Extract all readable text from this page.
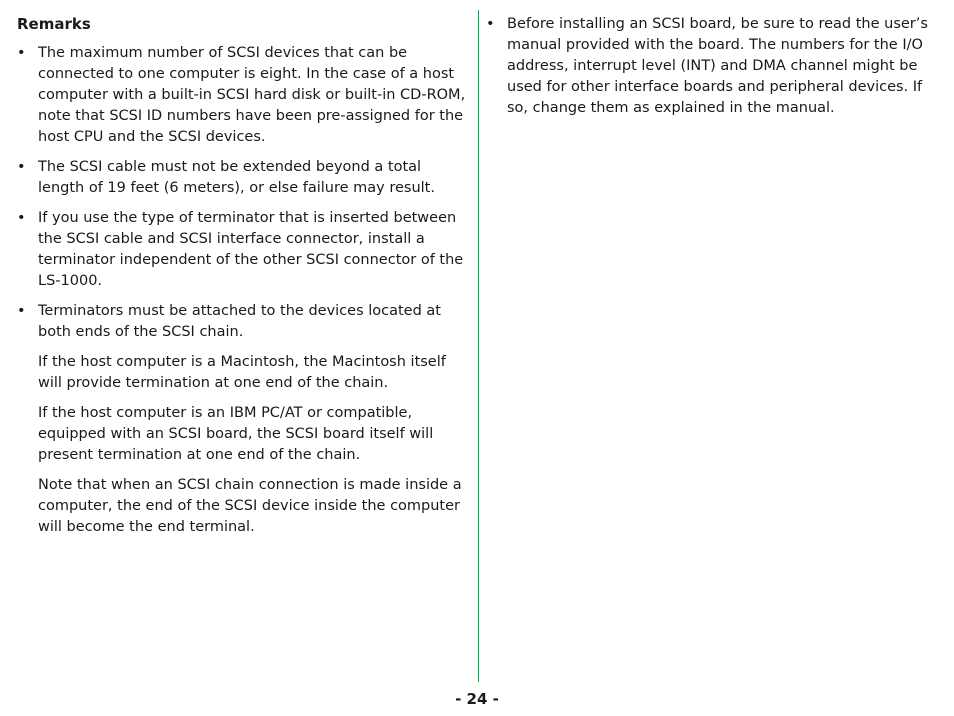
Remarks
• The maximum number of SCSI devices that can be connected to one computer is eight. In the case of a host computer with a built-in SCSI hard disk or built-in CD-ROM, note that SCSI ID numbers have been pre-assigned for the host CPU and the SCSI devices.
• The SCSI cable must not be extended beyond a total length of 19 feet (6 meters), or else failure may result.
• If you use the type of terminator that is inserted between the SCSI cable and SCSI interface connector, install a terminator independent of the other SCSI connector of the LS-1000.
• Terminators must be attached to the devices located at both ends of the SCSI chain.
If the host computer is a Macintosh, the Macintosh itself will provide termination at one end of the chain.
If the host computer is an IBM PC/AT or compatible, equipped with an SCSI board, the SCSI board itself will present termination at one end of the chain.
Note that when an SCSI chain connection is made inside a computer, the end of the SCSI device inside the computer will become the end terminal.
• Before installing an SCSI board, be sure to read the user’s manual provided with the board. The numbers for the I/O address, interrupt level (INT) and DMA channel might be used for other interface boards and peripheral devices. If so, change them as explained in the manual.
- 24 -
